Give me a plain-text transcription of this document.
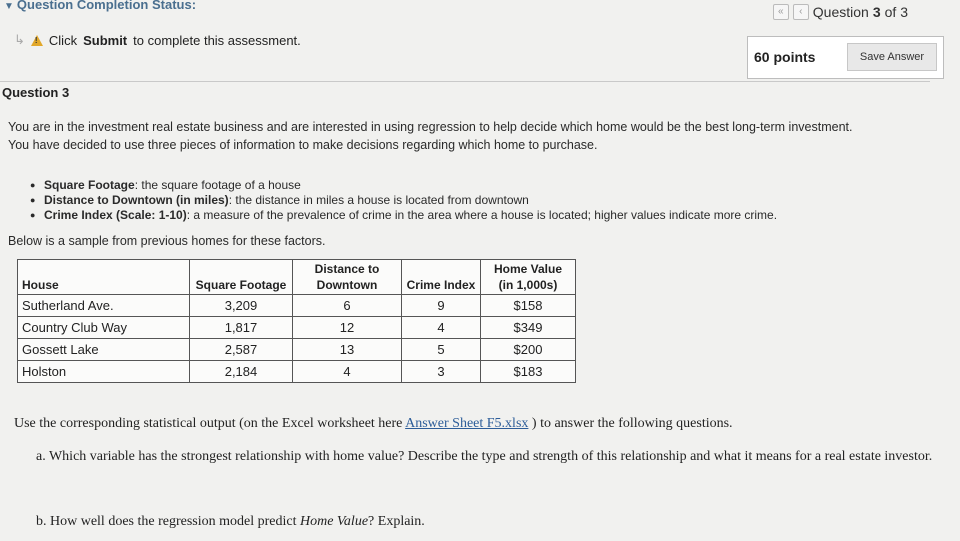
▼ Question Completion Status:	«	‹ Question 3 of 3
↳ ! Click Submit to complete this assessment.
60 points	Save Answer
Question 3
You are in the investment real estate business and are interested in using regression to help decide which home would be the best long-term investment.
You have decided to use three pieces of information to make decisions regarding which home to purchase.
● Square Footage: the square footage of a house
● Distance to Downtown (in miles): the distance in miles a house is located from downtown
● Crime Index (Scale: 1-10): a measure of the prevalence of crime in the area where a house is located; higher values indicate more crime.
Below is a sample from previous homes for these factors.
House	Square Footage	Distance to Downtown	Crime Index	Home Value (in 1,000s)
Sutherland Ave.	3,209	6	9	$158
Country Club Way	1,817	12	4	$349
Gossett Lake	2,587	13	5	$200
Holston	2,184	4	3	$183
Use the corresponding statistical output (on the Excel worksheet here Answer Sheet F5.xlsx ) to answer the following questions.
a. Which variable has the strongest relationship with home value? Describe the type and strength of this relationship and what it means for a real estate investor.
b. How well does the regression model predict Home Value? Explain.
